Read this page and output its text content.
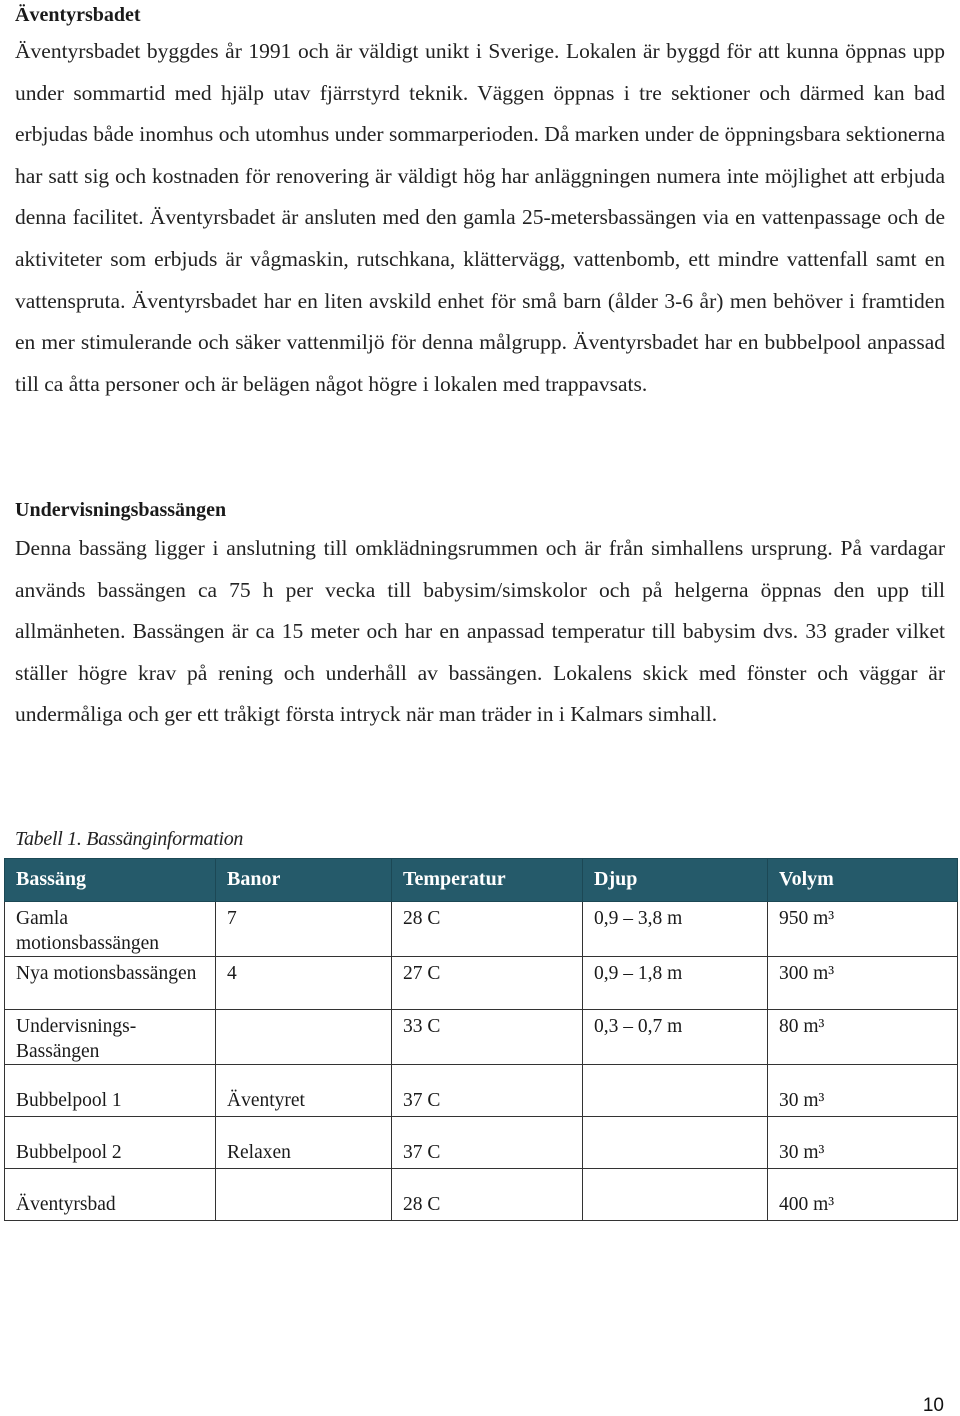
Äventyrsbadet

Äventyrsbadet byggdes år 1991 och är väldigt unikt i Sverige. Lokalen är byggd för att kunna öppnas upp under sommartid med hjälp utav fjärrstyrd teknik. Väggen öppnas i tre sektioner och därmed kan bad erbjudas både inomhus och utomhus under sommarperioden. Då marken under de öppningsbara sektionerna har satt sig och kostnaden för renovering är väldigt hög har anläggningen numera inte möjlighet att erbjuda denna facilitet. Äventyrsbadet är ansluten med den gamla 25-metersbassängen via en vattenpassage och de aktiviteter som erbjuds är vågmaskin, rutschkana, klättervägg, vattenbomb, ett mindre vattenfall samt en vattenspruta. Äventyrsbadet har en liten avskild enhet för små barn (ålder 3-6 år) men behöver i framtiden en mer stimulerande och säker vattenmiljö för denna målgrupp. Äventyrsbadet har en bubbelpool anpassad till ca åtta personer och är belägen något högre i lokalen med trappavsats.

Undervisningsbassängen

Denna bassäng ligger i anslutning till omklädningsrummen och är från simhallens ursprung. På vardagar används bassängen ca 75 h per vecka till babysim/simskolor och på helgerna öppnas den upp till allmänheten. Bassängen är ca 15 meter och har en anpassad temperatur till babysim dvs. 33 grader vilket ställer högre krav på rening och underhåll av bassängen. Lokalens skick med fönster och väggar är undermåliga och ger ett tråkigt första intryck när man träder in i Kalmars simhall.

Tabell 1. Bassänginformation

Bassäng	Banor	Temperatur	Djup	Volym
Gamla motionsbassängen	7	28 C	0,9 – 3,8 m	950 m³
Nya motionsbassängen	4	27 C	0,9 – 1,8 m	300 m³
Undervisnings-Bassängen		33 C	0,3 – 0,7 m	80 m³
Bubbelpool 1	Äventyret	37 C		30 m³
Bubbelpool 2	Relaxen	37 C		30 m³
Äventyrsbad		28 C		400 m³

10
